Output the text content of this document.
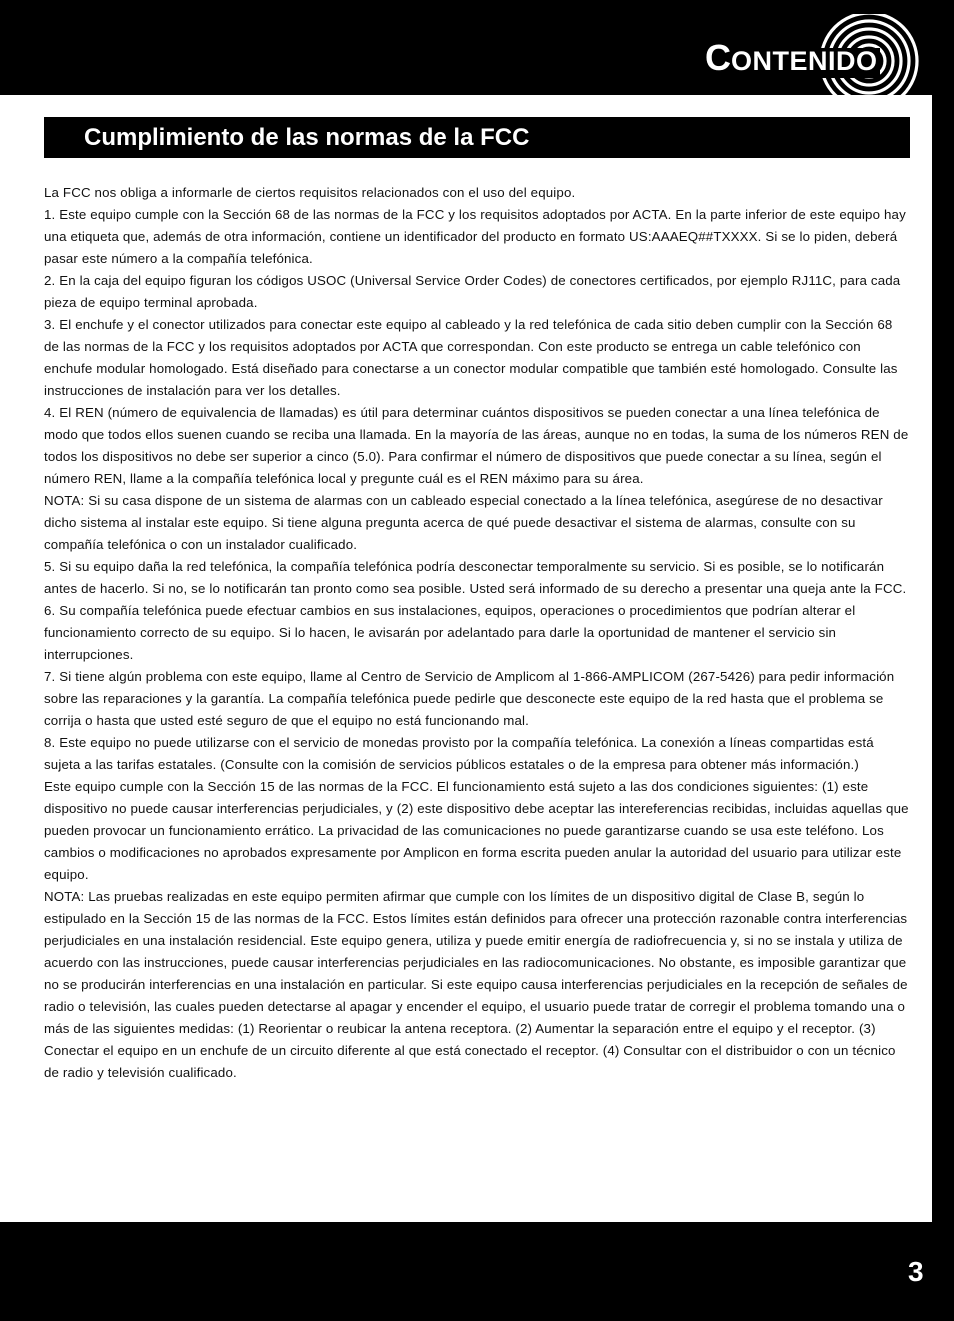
CONTENIDO
Cumplimiento de las normas de la FCC

La FCC nos obliga a informarle de ciertos requisitos relacionados con el uso del equipo.

1. Este equipo cumple con la Sección 68 de las normas de la FCC y los requisitos adoptados por ACTA. En la parte inferior de este equipo hay una etiqueta que, además de otra información, contiene un identificador del producto en formato US:AAAEQ##TXXXX. Si se lo piden, deberá pasar este número a la compañía telefónica.

2. En la caja del equipo figuran los códigos USOC (Universal Service Order Codes) de conectores certificados, por ejemplo RJ11C, para cada pieza de equipo terminal aprobada.

3. El enchufe y el conector utilizados para conectar este equipo al cableado y la red telefónica de cada sitio deben cumplir con la Sección 68 de las normas de la FCC y los requisitos adoptados por ACTA que correspondan. Con este producto se entrega un cable telefónico con enchufe modular homologado. Está diseñado para conectarse a un conector modular compatible que también esté homologado. Consulte las instrucciones de instalación para ver los detalles.

4. El REN (número de equivalencia de llamadas) es útil para determinar cuántos dispositivos se pueden conectar a una línea telefónica de modo que todos ellos suenen cuando se reciba una llamada. En la mayoría de las áreas, aunque no en todas, la suma de los números REN de todos los dispositivos no debe ser superior a cinco (5.0). Para confirmar el número de dispositivos que puede conectar a su línea, según el número REN, llame a la compañía telefónica local y pregunte cuál es el REN máximo para su área.

NOTA: Si su casa dispone de un sistema de alarmas con un cableado especial conectado a la línea telefónica, asegúrese de no desactivar dicho sistema al instalar este equipo. Si tiene alguna pregunta acerca de qué puede desactivar el sistema de alarmas, consulte con su compañía telefónica o con un instalador cualificado.

5. Si su equipo daña la red telefónica, la compañía telefónica podría desconectar temporalmente su servicio. Si es posible, se lo notificarán antes de hacerlo. Si no, se lo notificarán tan pronto como sea posible. Usted será informado de su derecho a presentar una queja ante la FCC.

6. Su compañía telefónica puede efectuar cambios en sus instalaciones, equipos, operaciones o procedimientos que podrían alterar el funcionamiento correcto de su equipo. Si lo hacen, le avisarán por adelantado para darle la oportunidad de mantener el servicio sin interrupciones.

7. Si tiene algún problema con este equipo, llame al Centro de Servicio de Amplicom al 1-866-AMPLICOM (267-5426) para pedir información sobre las reparaciones y la garantía. La compañía telefónica puede pedirle que desconecte este equipo de la red hasta que el problema se corrija o hasta que usted esté seguro de que el equipo no está funcionando mal.

8. Este equipo no puede utilizarse con el servicio de monedas provisto por la compañía telefónica. La conexión a líneas compartidas está sujeta a las tarifas estatales. (Consulte con la comisión de servicios públicos estatales o de la empresa para obtener más información.)

Este equipo cumple con la Sección 15 de las normas de la FCC. El funcionamiento está sujeto a las dos condiciones siguientes: (1) este dispositivo no puede causar interferencias perjudiciales, y (2) este dispositivo debe aceptar las intereferencias recibidas, incluidas aquellas que pueden provocar un funcionamiento errático. La privacidad de las comunicaciones no puede garantizarse cuando se usa este teléfono. Los cambios o modificaciones no aprobados expresamente por Amplicon en forma escrita pueden anular la autoridad del usuario para utilizar este equipo.

NOTA: Las pruebas realizadas en este equipo permiten afirmar que cumple con los límites de un dispositivo digital de Clase B, según lo estipulado en la Sección 15 de las normas de la FCC. Estos límites están definidos para ofrecer una protección razonable contra interferencias perjudiciales en una instalación residencial. Este equipo genera, utiliza y puede emitir energía de radiofrecuencia y, si no se instala y utiliza de acuerdo con las instrucciones, puede causar interferencias perjudiciales en las radiocomunicaciones. No obstante, es imposible garantizar que no se producirán interferencias en una instalación en particular. Si este equipo causa interferencias perjudiciales en la recepción de señales de radio o televisión, las cuales pueden detectarse al apagar y encender el equipo, el usuario puede tratar de corregir el problema tomando una o más de las siguientes medidas: (1) Reorientar o reubicar la antena receptora. (2) Aumentar la separación entre el equipo y el receptor. (3) Conectar el equipo en un enchufe de un circuito diferente al que está conectado el receptor. (4) Consultar con el distribuidor o con un técnico de radio y televisión cualificado.

3
